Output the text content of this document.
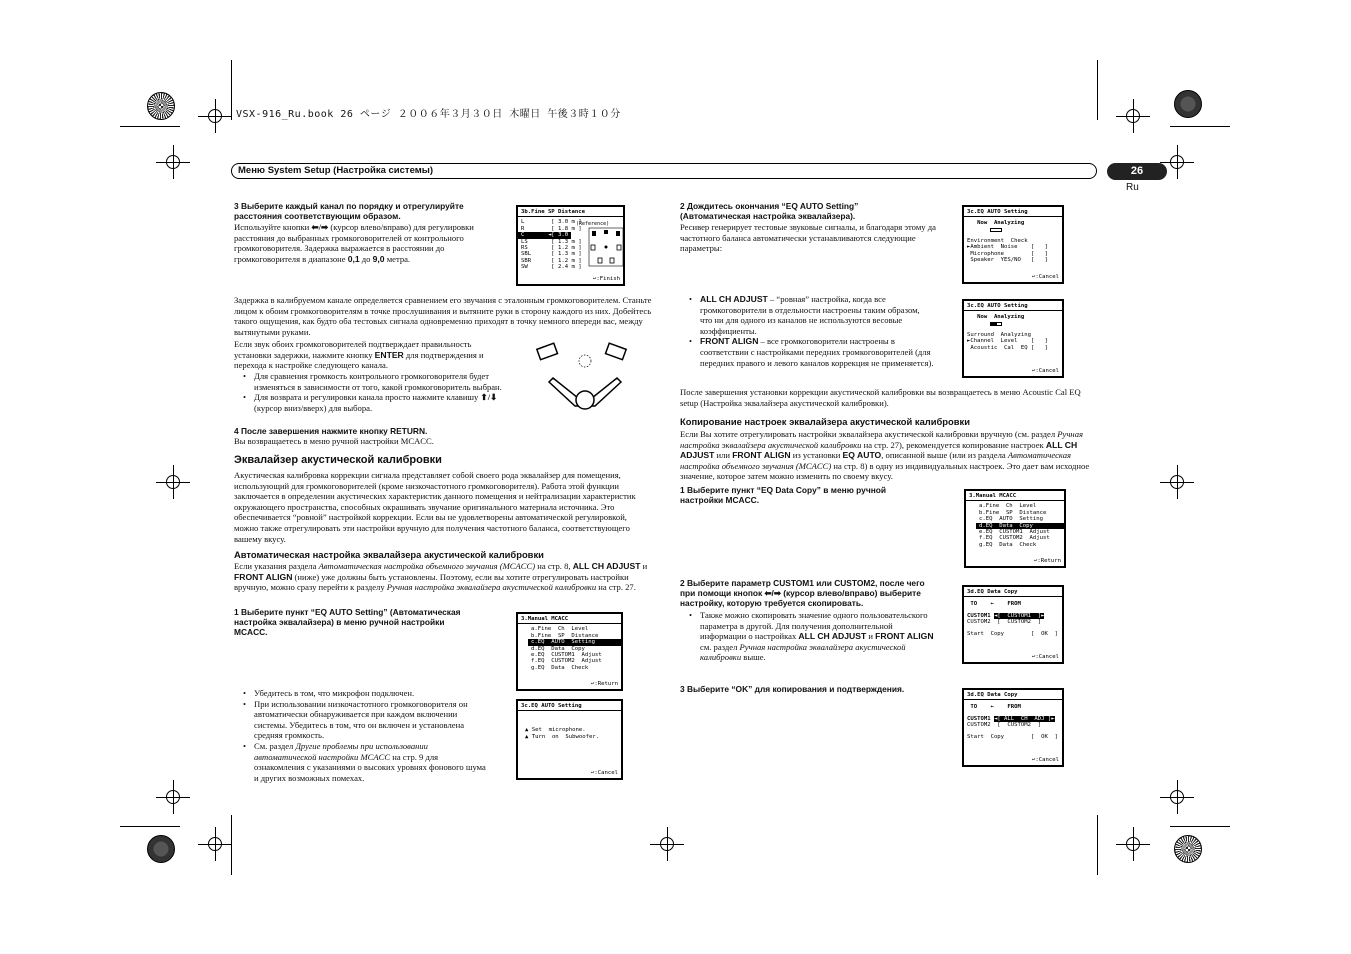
VSX-916_Ru.book 26 ページ ２００６年３月３０日 木曜日 午後３時１０分
Меню System Setup (Настройка системы)	26
Ru
3 Выберите каждый канал по порядку и отрегулируйте расстояния соответствующим образом.

Используйте кнопки ⬅/➡ (курсор влево/вправо) для регулировки расстояния до выбранных громкоговорителей от контрольного громкоговорителя. Задержка выражается в расстоянии до громкоговорителя в диапазоне 0,1 до 9,0 метра.

Задержка в калибруемом канале определяется сравнением его звучания с эталонным громкоговорителем. Станьте лицом к обоим громкоговорителям в точке прослушивания и вытяните руки в сторону каждого из них. Добейтесь такого ощущения, как будто оба тестовых сигнала одновременно приходят в точку немного впереди вас, между вытянутыми руками.

Если звук обоих громкоговорителей подтверждает правильность установки задержки, нажмите кнопку ENTER для подтверждения и перехода к настройке следующего канала.

• Для сравнения громкость контрольного громкоговорителя будет изменяться в зависимости от того, какой громкоговоритель выбран.
• Для возврата и регулировки канала просто нажмите клавишу ⬆/⬇ (курсор вниз/вверх) для выбора.
4 После завершения нажмите кнопку RETURN.

Вы возвращаетесь в меню ручной настройки MCACC.

Эквалайзер акустической калибровки

Акустическая калибровка коррекции сигнала представляет собой своего рода эквалайзер для помещения, использующий для громкоговорителей (кроме низкочастотного громкоговорителя). Работа этой функции заключается в определении акустических характеристик данного помещения и нейтрализации характеристик окружающего пространства, способных окрашивать звучание оригинального материала источника. Это обеспечивается “ровной” настройкой коррекции. Если вы не удовлетворены автоматической регулировкой, можно также отрегулировать эти настройки вручную для получения частотного баланса, соответствующего вашему вкусу.

Автоматическая настройка эквалайзера акустической калибровки

Если указания раздела Автоматическая настройка объемного звучания (MCACC) на стр. 8, ALL CH ADJUST и FRONT ALIGN (ниже) уже должны быть установлены. Поэтому, если вы хотите отрегулировать настройки вручную, можно сразу перейти к разделу Ручная настройка эквалайзера акустической калибровки на стр. 27.

1 Выберите пункт “EQ AUTO Setting” (Автоматическая настройка эквалайзера) в меню ручной настройки MCACC.
• Убедитесь в том, что микрофон подключен.
• При использовании низкочастотного громкоговорителя он автоматически обнаруживается при каждом включении системы. Убедитесь в том, что он включен и установлена средняя громкость.
• См. раздел Другие проблемы при использовании автоматической настройки MCACC на стр. 9 для ознакомления с указаниями о высоких уровнях фонового шума и других возможных помехах.
3b.Fine SP Distance
(Reference)
L        [ 3.0 m ]
R        [ 1.8 m ]
C       ◄[ 3.0 m ]►
LS       [ 1.3 m ]
RS       [ 1.2 m ]
SBL      [ 1.3 m ]
SBR      [ 1.2 m ]
SW       [ 2.4 m ]
↩:Finish
3.Manual MCACC
a.Fine  Ch  Level
b.Fine  SP  Distance
c.EQ  AUTO  Setting
d.EQ  Data  Copy
e.EQ  CUSTOM1  Adjust
f.EQ  CUSTOM2  Adjust
g.EQ  Data  Check
↩:Return
3c.EQ AUTO Setting
▲ Set  microphone.
▲ Turn  on  Subwoofer.
↩:Cancel
2 Дождитесь окончания “EQ AUTO Setting” (Автоматическая настройка эквалайзера).

Ресивер генерирует тестовые звуковые сигналы, и благодаря этому да частотного баланса автоматически устанавливаются следующие параметры:

• ALL CH ADJUST – “ровная” настройка, когда все громкоговорители в отдельности настроены таким образом, что ни для одного из каналов не используются весовые коэффициенты.
• FRONT ALIGN – все громкоговорители настроены в соответствии с настройками передних громкоговорителей (для передних правого и левого каналов коррекция не применяется).

После завершения установки коррекции акустической калибровки вы возвращаетесь в меню Acoustic Cal EQ setup (Настройка эквалайзера акустической калибровки).

Копирование настроек эквалайзера акустической калибровки

Если Вы хотите отрегулировать настройки эквалайзера акустической калибровки вручную (см. раздел Ручная настройка эквалайзера акустической калибровки на стр. 27), рекомендуется копирование настроек ALL CH ADJUST или FRONT ALIGN из установки EQ AUTO, описанной выше (или из раздела Автоматическая настройка объемного звучания (MCACC) на стр. 8) в одну из индивидуальных настроек. Это дает вам исходное значение, которое затем можно изменить по своему вкусу.

1 Выберите пункт “EQ Data Copy” в меню ручной настройки MCACC.
2 Выберите параметр CUSTOM1 или CUSTOM2, после чего при помощи кнопок ⬅/➡ (курсор влево/вправо) выберите настройку, которую требуется скопировать.
• Также можно скопировать значение одного пользовательского параметра в другой. Для получения дополнительной информации о настройках ALL CH ADJUST и FRONT ALIGN см. раздел Ручная настройка эквалайзера акустической калибровки выше.
3 Выберите “OK” для копирования и подтверждения.
3c.EQ AUTO Setting
Now  Analyzing
Environment  Check
►Ambient  Noise    [   ]
Microphone        [   ]
Speaker  YES/NO   [   ]
↩:Cancel
3c.EQ AUTO Setting
Now  Analyzing
Surround  Analyzing
►Channel  Level    [   ]
Acoustic  Cal  EQ [   ]
↩:Cancel
3.Manual MCACC
a.Fine  Ch  Level
b.Fine  SP  Distance
c.EQ  AUTO  Setting
d.EQ  Data  Copy
e.EQ  CUSTOM1  Adjust
f.EQ  CUSTOM2  Adjust
g.EQ  Data  Check
↩:Return
3d.EQ Data Copy
TO    ←    FROM
CUSTOM1 ◄[  CUSTOM1  ]►
CUSTOM2  [  CUSTOM2  ]
Start  Copy        [  OK  ]
↩:Cancel
3d.EQ Data Copy
TO    ←    FROM
CUSTOM1 ◄[ ALL  CH  ADJ ]►
CUSTOM2  [  CUSTOM2  ]
Start  Copy        [  OK  ]
↩:Cancel
